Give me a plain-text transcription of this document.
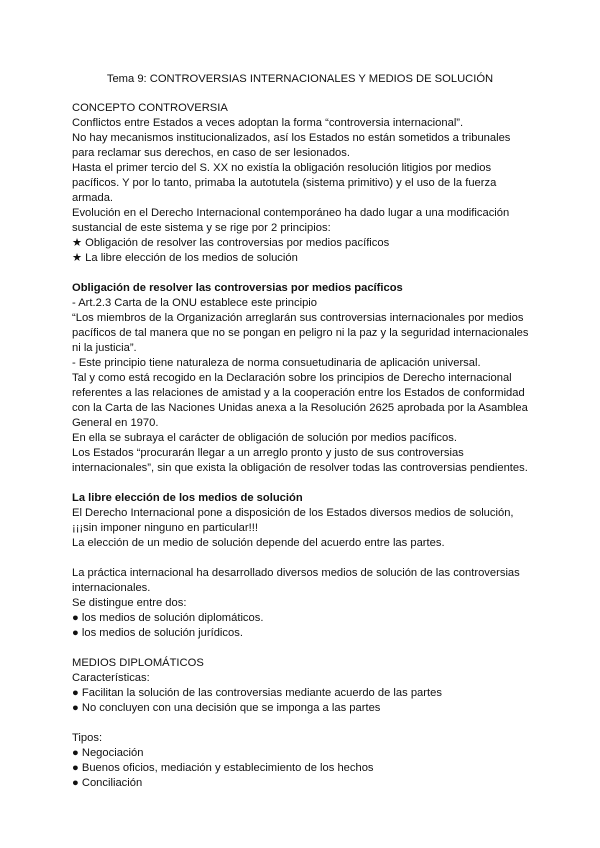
Tema 9: CONTROVERSIAS INTERNACIONALES Y MEDIOS DE SOLUCIÓN
CONCEPTO CONTROVERSIA
Conflictos entre Estados a veces adoptan la forma “controversia internacional”.
No hay mecanismos institucionalizados, así los Estados no están sometidos a tribunales
para reclamar sus derechos, en caso de ser lesionados.
Hasta el primer tercio del S. XX no existía la obligación resolución litigios por medios
pacíficos. Y por lo tanto, primaba la autotutela (sistema primitivo) y el uso de la fuerza
armada.
Evolución en el Derecho Internacional contemporáneo ha dado lugar a una modificación
sustancial de este sistema y se rige por 2 principios:
★ Obligación de resolver las controversias por medios pacíficos
★ La libre elección de los medios de solución
Obligación de resolver las controversias por medios pacíficos
- Art.2.3 Carta de la ONU establece este principio
“Los miembros de la Organización arreglarán sus controversias internacionales por medios
pacíficos de tal manera que no se pongan en peligro ni la paz y la seguridad internacionales
ni la justicia”.
- Este principio tiene naturaleza de norma consuetudinaria de aplicación universal.
Tal y como está recogido en la Declaración sobre los principios de Derecho internacional
referentes a las relaciones de amistad y a la cooperación entre los Estados de conformidad
con la Carta de las Naciones Unidas anexa a la Resolución 2625 aprobada por la Asamblea
General en 1970.
En ella se subraya el carácter de obligación de solución por medios pacíficos.
Los Estados “procurarán llegar a un arreglo pronto y justo de sus controversias
internacionales”, sin que exista la obligación de resolver todas las controversias pendientes.
La libre elección de los medios de solución
El Derecho Internacional pone a disposición de los Estados diversos medios de solución,
¡¡¡sin imponer ninguno en particular!!!
La elección de un medio de solución depende del acuerdo entre las partes.
La práctica internacional ha desarrollado diversos medios de solución de las controversias
internacionales.
Se distingue entre dos:
● los medios de solución diplomáticos.
● los medios de solución jurídicos.
MEDIOS DIPLOMÁTICOS
Características:
● Facilitan la solución de las controversias mediante acuerdo de las partes
● No concluyen con una decisión que se imponga a las partes
Tipos:
● Negociación
● Buenos oficios, mediación y establecimiento de los hechos
● Conciliación
